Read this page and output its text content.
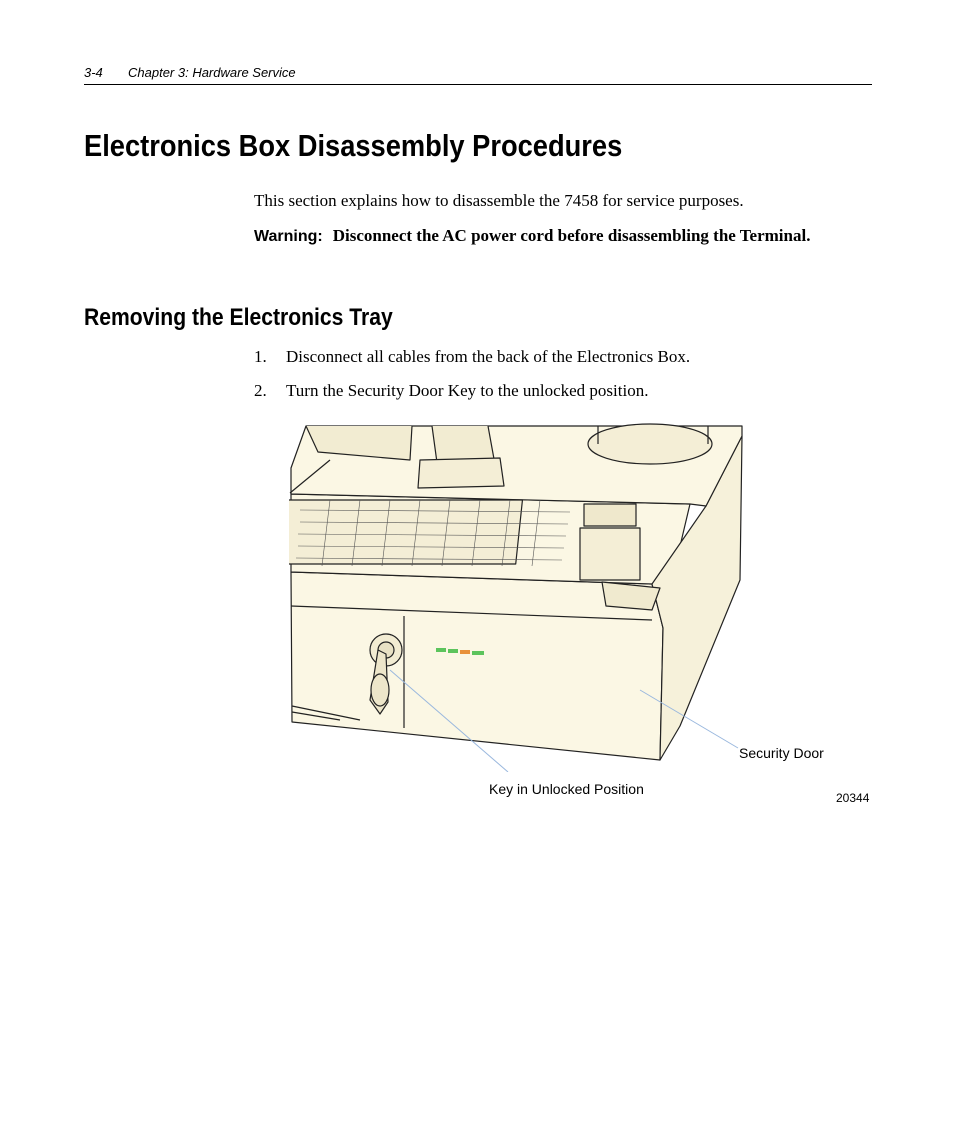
3-4 Chapter 3: Hardware Service
Electronics Box Disassembly Procedures
This section explains how to disassemble the 7458 for service purposes.
Warning: Disconnect the AC power cord before disassembling the Terminal.
Removing the Electronics Tray
1. Disconnect all cables from the back of the Electronics Box.
2. Turn the Security Door Key to the unlocked position.
Security Door
Key in Unlocked Position
20344
